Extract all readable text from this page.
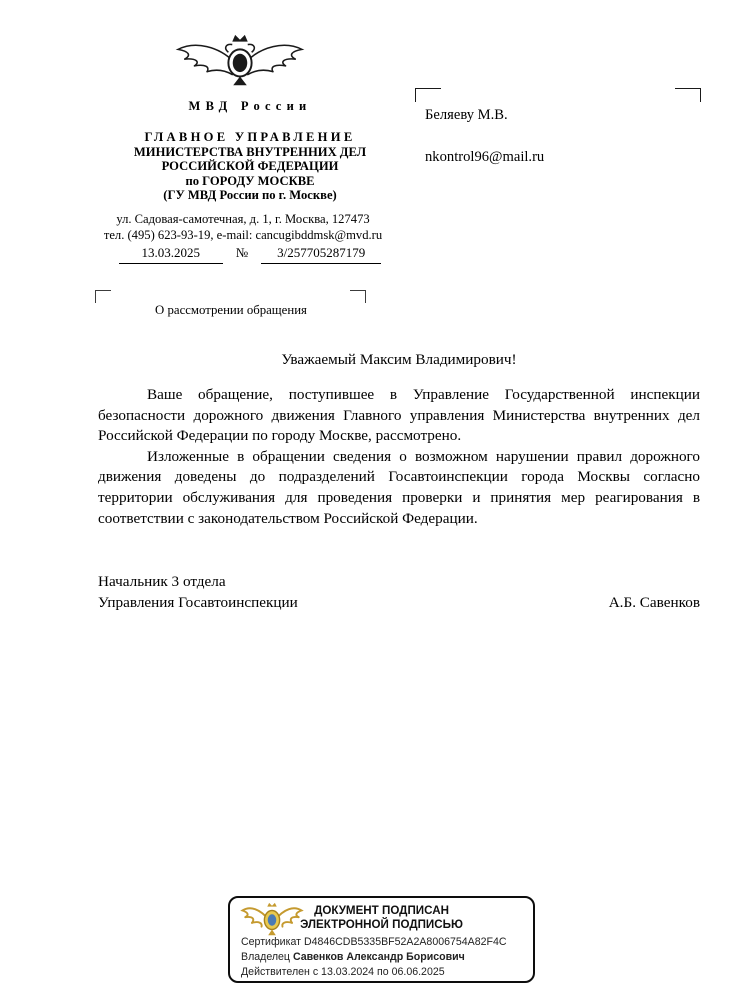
МВД России
ГЛАВНОЕ УПРАВЛЕНИЕ
МИНИСТЕРСТВА ВНУТРЕННИХ ДЕЛ
РОССИЙСКОЙ ФЕДЕРАЦИИ
по ГОРОДУ МОСКВЕ
(ГУ МВД России по г. Москве)
ул. Садовая-самотечная, д. 1, г. Москва, 127473
тел. (495) 623-93-19, e-mail: cancugibddmsk@mvd.ru
13.03.2025	№	3/257705287179
Беляеву М.В.
nkontrol96@mail.ru
О рассмотрении обращения
Уважаемый Максим Владимирович!

Ваше обращение, поступившее в Управление Государственной инспекции безопасности дорожного движения Главного управления Министерства внутренних дел Российской Федерации по городу Москве, рассмотрено.

Изложенные в обращении сведения о возможном нарушении правил дорожного движения доведены до подразделений Госавтоинспекции города Москвы согласно территории обслуживания для проведения проверки и принятия мер реагирования в соответствии с законодательством Российской Федерации.

Начальник 3 отдела
Управления Госавтоинспекции	А.Б. Савенков
ДОКУМЕНТ ПОДПИСАН
ЭЛЕКТРОННОЙ ПОДПИСЬЮ
Сертификат D4846CDB5335BF52A2A8006754A82F4C
Владелец Савенков Александр Борисович
Действителен с 13.03.2024 по 06.06.2025
